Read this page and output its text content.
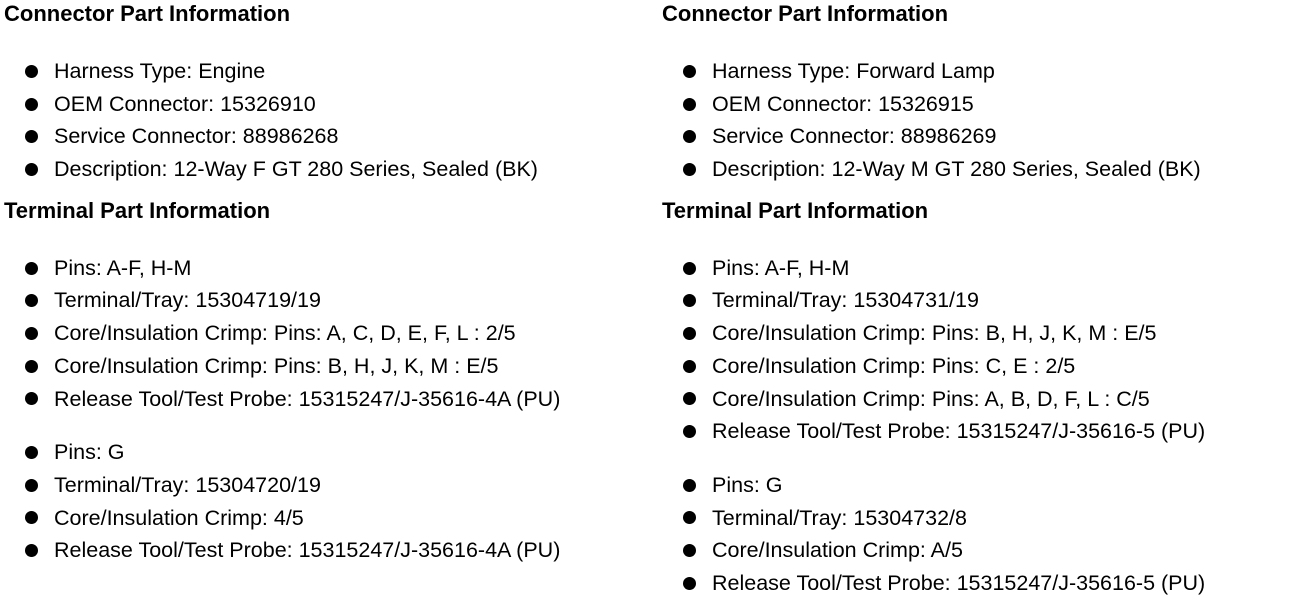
Connector Part Information
Harness Type: Engine
OEM Connector: 15326910
Service Connector: 88986268
Description: 12-Way F GT 280 Series, Sealed (BK)
Terminal Part Information
Pins: A-F, H-M
Terminal/Tray: 15304719/19
Core/Insulation Crimp: Pins: A, C, D, E, F, L : 2/5
Core/Insulation Crimp: Pins: B, H, J, K, M : E/5
Release Tool/Test Probe: 15315247/J-35616-4A (PU)
Pins: G
Terminal/Tray: 15304720/19
Core/Insulation Crimp: 4/5
Release Tool/Test Probe: 15315247/J-35616-4A (PU)
Connector Part Information
Harness Type: Forward Lamp
OEM Connector: 15326915
Service Connector: 88986269
Description: 12-Way M GT 280 Series, Sealed (BK)
Terminal Part Information
Pins: A-F, H-M
Terminal/Tray: 15304731/19
Core/Insulation Crimp: Pins: B, H, J, K, M : E/5
Core/Insulation Crimp: Pins: C, E : 2/5
Core/Insulation Crimp: Pins: A, B, D, F, L : C/5
Release Tool/Test Probe: 15315247/J-35616-5 (PU)
Pins: G
Terminal/Tray: 15304732/8
Core/Insulation Crimp: A/5
Release Tool/Test Probe: 15315247/J-35616-5 (PU)
